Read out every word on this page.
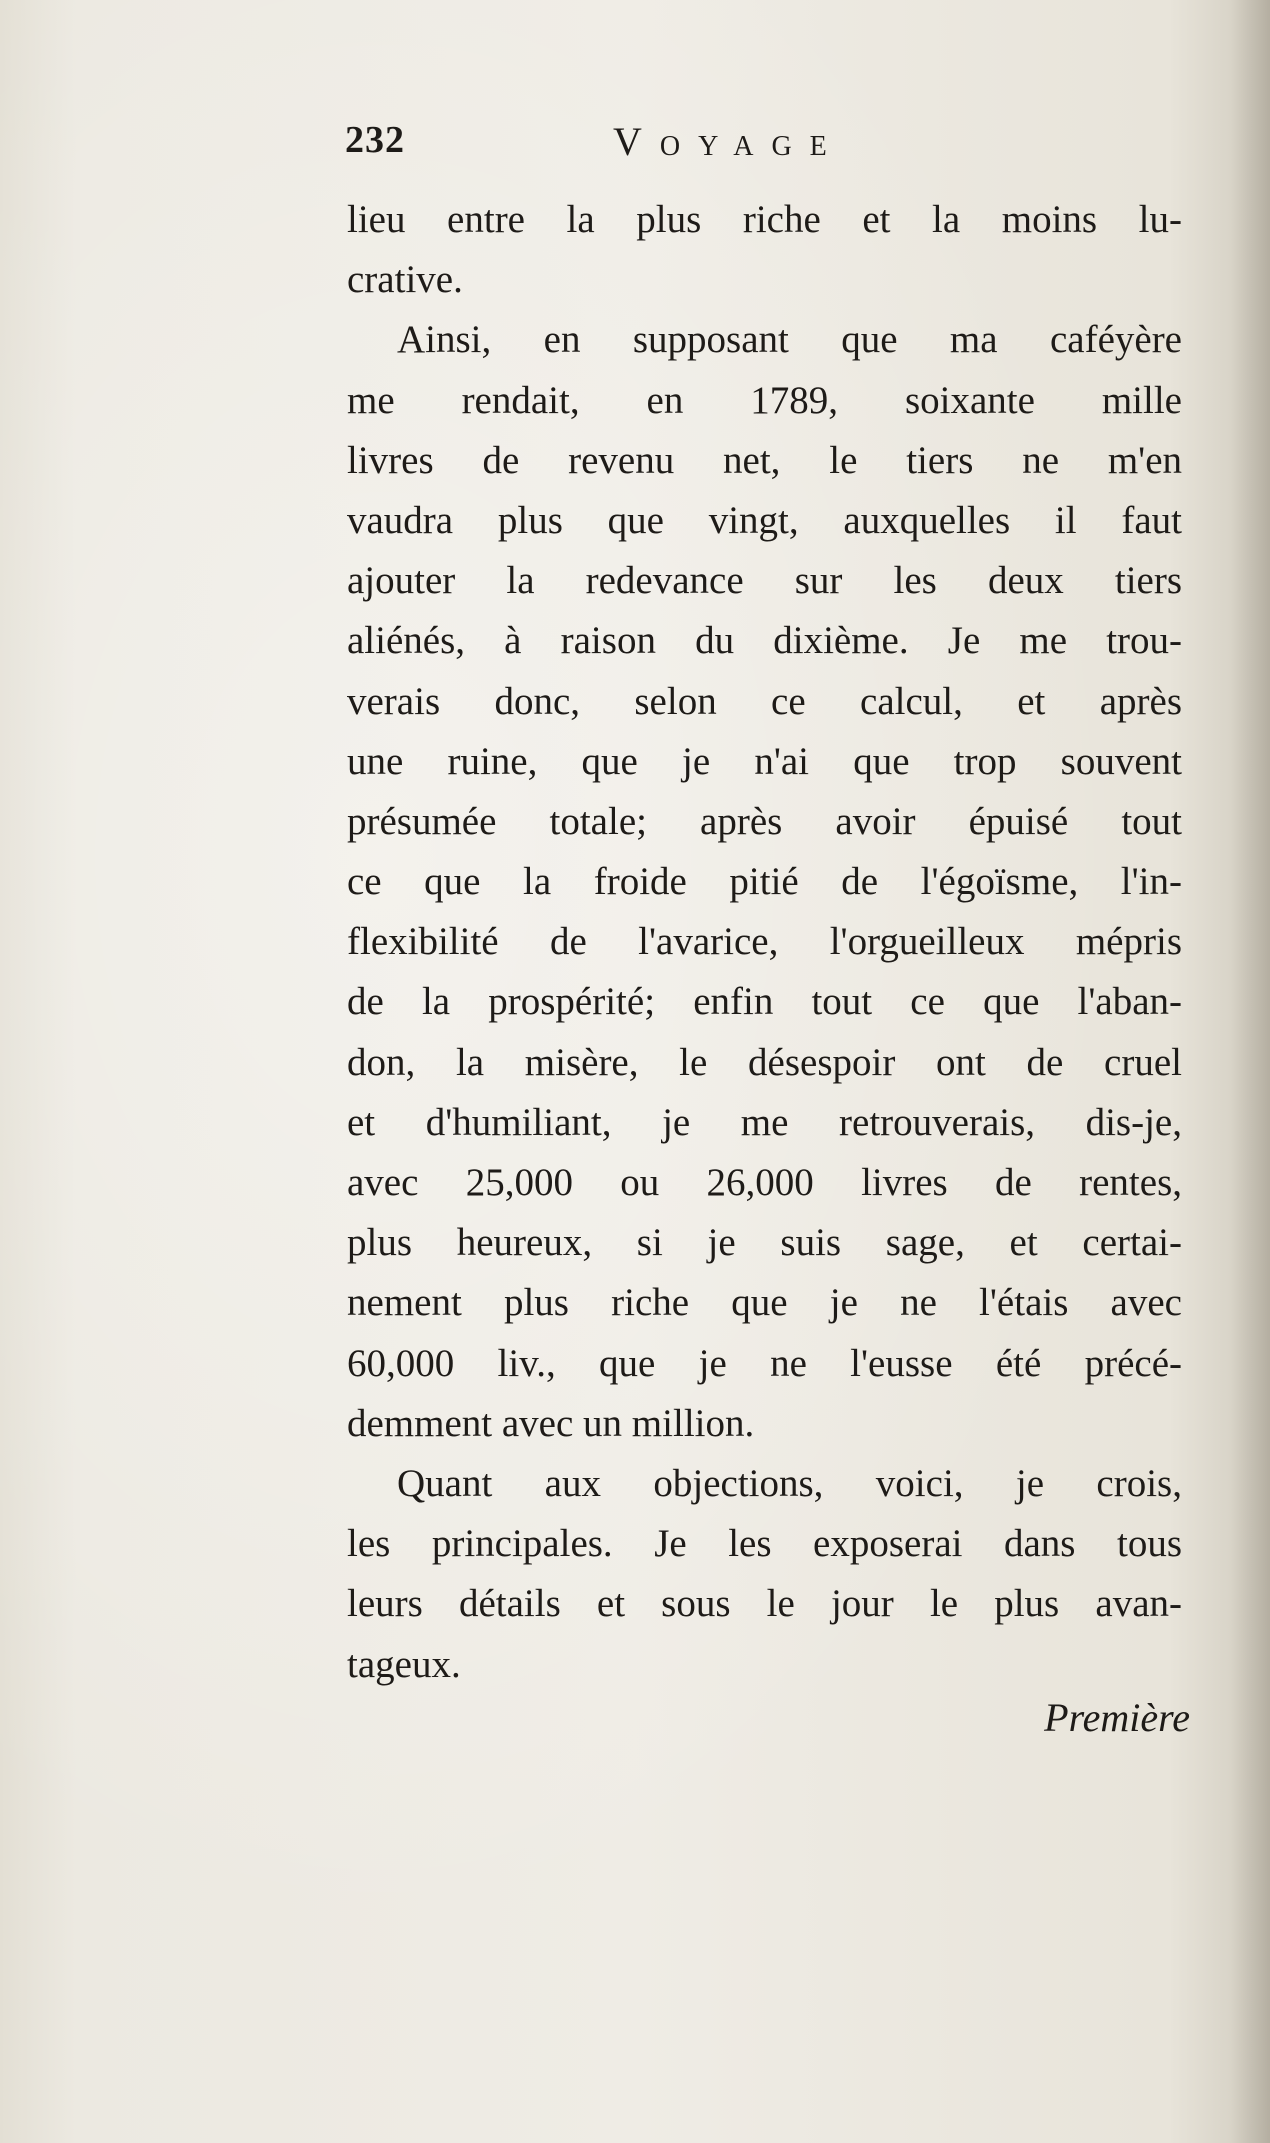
232	Voyage
lieu entre la plus riche et la moins lu-
crative.
Ainsi, en supposant que ma caféyère
me rendait, en 1789, soixante mille
livres de revenu net, le tiers ne m'en
vaudra plus que vingt, auxquelles il faut
ajouter la redevance sur les deux tiers
aliénés, à raison du dixième. Je me trou-
verais donc, selon ce calcul, et après
une ruine, que je n'ai que trop souvent
présumée totale; après avoir épuisé tout
ce que la froide pitié de l'égoïsme, l'in-
flexibilité de l'avarice, l'orgueilleux mépris
de la prospérité; enfin tout ce que l'aban-
don, la misère, le désespoir ont de cruel
et d'humiliant, je me retrouverais, dis-je,
avec 25,000 ou 26,000 livres de rentes,
plus heureux, si je suis sage, et certai-
nement plus riche que je ne l'étais avec
60,000 liv., que je ne l'eusse été précé-
demment avec un million.
Quant aux objections, voici, je crois,
les principales. Je les exposerai dans tous
leurs détails et sous le jour le plus avan-
tageux.
Première
